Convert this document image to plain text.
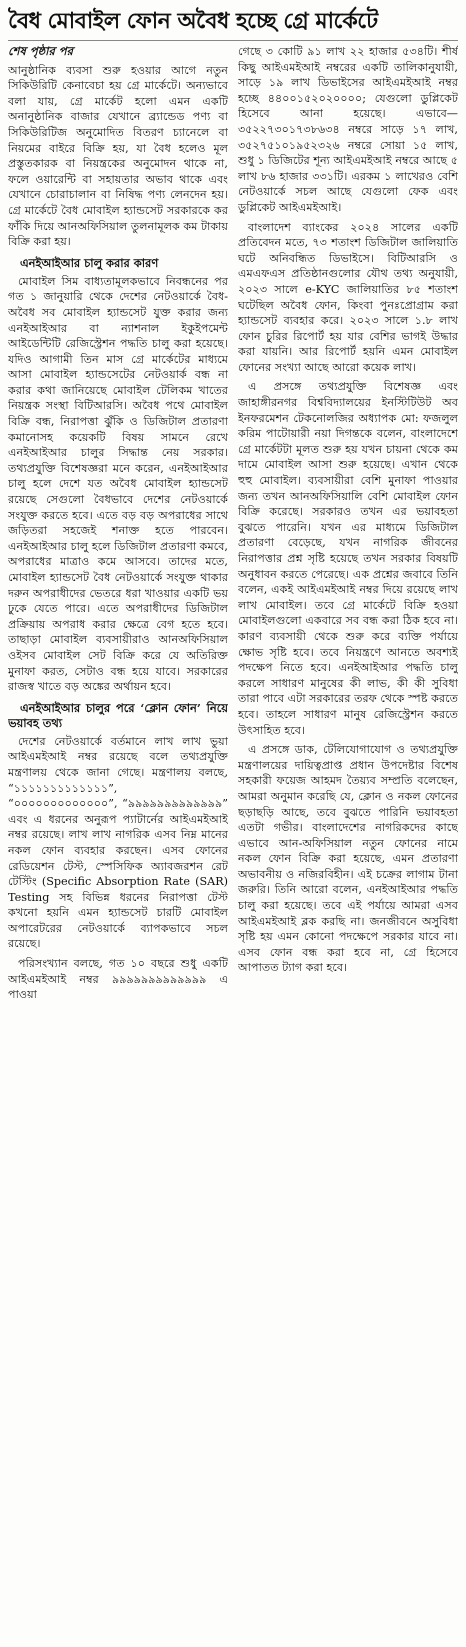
বৈধ মোবাইল ফোন অবৈধ হচ্ছে গ্রে মার্কেটে
শেষ পৃষ্ঠার পর

আনুষ্ঠানিক ব্যবসা শুরু হওয়ার আগে নতুন সিকিউরিটি কেনাবেচা হয় গ্রে মার্কেটে। অন্যভাবে বলা যায়, গ্রে মার্কেট হলো এমন একটি অনানুষ্ঠানিক বাজার যেখানে ব্র্যান্ডেড পণ্য বা সিকিউরিটিজ অনুমোদিত বিতরণ চ্যানেলে বা নিয়মের বাইরে বিক্রি হয়, যা বৈধ হলেও মূল প্রস্তুতকারক বা নিয়ন্ত্রকের অনুমোদন থাকে না, ফলে ওয়ারেন্টি বা সহায়তার অভাব থাকে এবং যেখানে চোরাচালান বা নিষিদ্ধ পণ্য লেনদেন হয়। গ্রে মার্কেটে বৈধ মোবাইল হ্যান্ডসেট সরকারকে কর ফাঁকি দিয়ে আনঅফিসিয়াল তুলনামূলক কম টাকায় বিক্রি করা হয়।

এনইআইআর চালু করার কারণ

মোবাইল সিম বাধ্যতামূলকভাবে নিবন্ধনের পর গত ১ জানুয়ারি থেকে দেশের নেটওয়ার্কে বৈধ-অবৈধ সব মোবাইল হ্যান্ডসেট যুক্ত করার জন্য এনইআইআর বা ন্যাশনাল ইকুইপমেন্ট আইডেন্টিটি রেজিস্ট্রেশন পদ্ধতি চালু করা হয়েছে। যদিও আগামী তিন মাস গ্রে মার্কেটের মাধ্যমে আসা মোবাইল হ্যান্ডসেটের নেটওয়ার্ক বন্ধ না করার কথা জানিয়েছে মোবাইল টেলিকম খাতের নিয়ন্ত্রক সংস্থা বিটিআরসি। অবৈধ পথে মোবাইল বিক্রি বন্ধ, নিরাপত্তা ঝুঁকি ও ডিজিটাল প্রতারণা কমানোসহ কয়েকটি বিষয় সামনে রেখে এনইআইআর চালুর সিদ্ধান্ত নেয় সরকার। তথ্যপ্রযুক্তি বিশেষজ্ঞরা মনে করেন, এনইআইআর চালু হলে দেশে যত অবৈধ মোবাইল হ্যান্ডসেট রয়েছে সেগুলো বৈধভাবে দেশের নেটওয়ার্কে সংযুক্ত করতে হবে। এতে বড় বড় অপরাধের সাথে জড়িতরা সহজেই শনাক্ত হতে পারবেন। এনইআইআর চালু হলে ডিজিটাল প্রতারণা কমবে, অপরাধের মাত্রাও কমে আসবে। তাদের মতে, মোবাইল হ্যান্ডসেট বৈধ নেটওয়ার্কে সংযুক্ত থাকার দরুন অপরাধীদের ভেতরে ধরা খাওয়ার একটি ভয় ঢুকে যেতে পারে। এতে অপরাধীদের ডিজিটাল প্রক্রিয়ায় অপরাধ করার ক্ষেত্রে বেগ হতে হবে। তাছাড়া মোবাইল ব্যবসায়ীরাও আনঅফিসিয়াল ওইসব মোবাইল সেট বিক্রি করে যে অতিরিক্ত মুনাফা করত, সেটাও বন্ধ হয়ে যাবে। সরকারের রাজস্ব খাতে বড় অঙ্কের অর্থায়ন হবে।

এনইআইআর চালুর পরে ‘ক্লোন ফোন’ নিয়ে ভয়াবহ তথ্য

দেশের নেটওয়ার্কে বর্তমানে লাখ লাখ ভুয়া আইএমইআই নম্বর রয়েছে বলে তথ্যপ্রযুক্তি মন্ত্রণালয় থেকে জানা গেছে। মন্ত্রণালয় বলছে, “১১১১১১১১১১১১১”, “০০০০০০০০০০০০০”, “৯৯৯৯৯৯৯৯৯৯৯৯৯” এবং এ ধরনের অনুরূপ প্যাটার্নের আইএমইআই নম্বর রয়েছে। লাখ লাখ নাগরিক এসব নিম্ন মানের নকল ফোন ব্যবহার করছেন। এসব ফোনের রেডিয়েশন টেস্ট, স্পেসিফিক অ্যাবজরশন রেট টেস্টিং (Specific Absorption Rate (SAR) Testing সহ বিভিন্ন ধরনের নিরাপত্তা টেস্ট কখনো হয়নি এমন হ্যান্ডসেট চারটি মোবাইল অপারেটরের নেটওয়ার্কে ব্যাপকভাবে সচল রয়েছে।

পরিসংখ্যান বলছে, গত ১০ বছরে শুধু একটি আইএমইআই নম্বর ৯৯৯৯৯৯৯৯৯৯৯৯৯ এ পাওয়া

গেছে ৩ কোটি ৯১ লাখ ২২ হাজার ৫৩৪টি। শীর্ষ কিছু আইএমইআই নম্বরের একটি তালিকানুযায়ী, সাড়ে ১৯ লাখ ডিভাইসের আইএমইআই নম্বর হচ্ছে ৪৪০০১৫২০২০০০০; যেগুলো ডুপ্লিকেট হিসেবে আনা হয়েছে। এভাবে— ৩৫২২৭৩০১৭৩৮৬৩৪ নম্বরে সাড়ে ১৭ লাখ, ৩৫২৭৫১০১৯৫২৩২৬ নম্বরে সোয়া ১৫ লাখ, শুধু ১ ডিজিটের শূন্য আইএমইআই নম্বরে আছে ৫ লাখ ৮৬ হাজার ৩৩১টি। এরকম ১ লাখেরও বেশি নেটওয়ার্কে সচল আছে যেগুলো ফেক এবং ডুপ্লিকেট আইএমইআই।

বাংলাদেশ ব্যাংকের ২০২৪ সালের একটি প্রতিবেদন মতে, ৭৩ শতাংশ ডিজিটাল জালিয়াতি ঘটে অনিবন্ধিত ডিভাইসে। বিটিআরসি ও এমএফএস প্রতিষ্ঠানগুলোর যৌথ তথ্য অনুযায়ী, ২০২৩ সালে e-KYC জালিয়াতির ৮৫ শতাংশ ঘটেছিল অবৈধ ফোন, কিংবা পুনঃপ্রোগ্রাম করা হ্যান্ডসেট ব্যবহার করে। ২০২৩ সালে ১.৮ লাখ ফোন চুরির রিপোর্ট হয় যার বেশির ভাগই উদ্ধার করা যায়নি। আর রিপোর্ট হয়নি এমন মোবাইল ফোনের সংখ্যা আছে আরো কয়েক লাখ।

এ প্রসঙ্গে তথ্যপ্রযুক্তি বিশেষজ্ঞ এবং জাহাঙ্গীরনগর বিশ্ববিদ্যালয়ের ইনস্টিটিউট অব ইনফরমেশন টেকনোলজির অধ্যাপক মো: ফজলুল করিম পাটোয়ারী নয়া দিগন্তকে বলেন, বাংলাদেশে গ্রে মার্কেটটা মূলত শুরু হয় যখন চায়না থেকে কম দামে মোবাইল আসা শুরু হয়েছে। এখান থেকে হুহু মোবাইল। ব্যবসায়ীরা বেশি মুনাফা পাওয়ার জন্য তখন আনঅফিসিয়ালি বেশি মোবাইল ফোন বিক্রি করেছে। সরকারও তখন এর ভয়াবহতা বুঝতে পারেনি। যখন এর মাধ্যমে ডিজিটাল প্রতারণা বেড়েছে, যখন নাগরিক জীবনের নিরাপত্তার প্রশ্ন সৃষ্টি হয়েছে তখন সরকার বিষয়টি অনুধাবন করতে পেরেছে। এক প্রশ্নের জবাবে তিনি বলেন, একই আইএমইআই নম্বর দিয়ে রয়েছে লাখ লাখ মোবাইল। তবে গ্রে মার্কেটে বিক্রি হওয়া মোবাইলগুলো একবারে সব বন্ধ করা ঠিক হবে না। কারণ ব্যবসায়ী থেকে শুরু করে ব্যক্তি পর্যায়ে ক্ষোভ সৃষ্টি হবে। তবে নিয়ন্ত্রণে আনতে অবশ্যই পদক্ষেপ নিতে হবে। এনইআইআর পদ্ধতি চালু করলে সাধারণ মানুষের কী লাভ, কী কী সুবিধা তারা পাবে এটা সরকারের তরফ থেকে স্পষ্ট করতে হবে। তাহলে সাধারণ মানুষ রেজিস্ট্রেশন করতে উৎসাহিত হবে।

এ প্রসঙ্গে ডাক, টেলিযোগাযোগ ও তথ্যপ্রযুক্তি মন্ত্রণালয়ের দায়িত্বপ্রাপ্ত প্রধান উপদেষ্টার বিশেষ সহকারী ফয়েজ আহমদ তৈয়্যব সম্প্রতি বলেছেন, আমরা অনুমান করেছি যে, ক্লোন ও নকল ফোনের ছড়াছড়ি আছে, তবে বুঝতে পারিনি ভয়াবহতা এতটা গভীর। বাংলাদেশের নাগরিকদের কাছে এভাবে আন-অফিসিয়াল নতুন ফোনের নামে নকল ফোন বিক্রি করা হয়েছে, এমন প্রতারণা অভাবনীয় ও নজিরবিহীন। এই চক্রের লাগাম টানা জরুরি। তিনি আরো বলেন, এনইআইআর পদ্ধতি চালু করা হয়েছে। তবে এই পর্যায়ে আমরা এসব আইএমইআই ব্লক করছি না। জনজীবনে অসুবিধা সৃষ্টি হয় এমন কোনো পদক্ষেপে সরকার যাবে না। এসব ফোন বন্ধ করা হবে না, গ্রে হিসেবে আপাতত ট্যাগ করা হবে।
